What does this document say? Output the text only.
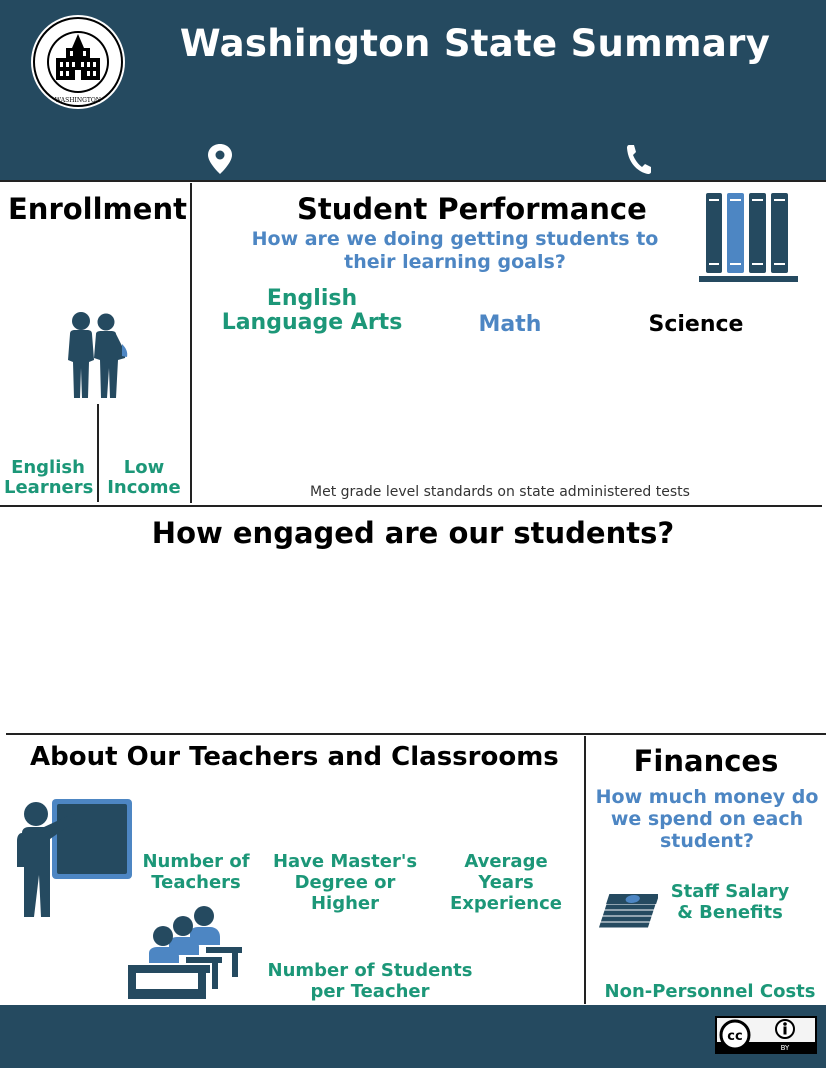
WASHINGTON
Washington State Summary
Enrollment
English Learners
Low Income
Student Performance
How are we doing getting students to their learning goals?
English Language Arts	Math	Science
Met grade level standards on state administered tests
How engaged are our students?
About Our Teachers and Classrooms
Number of Teachers
Have Master's Degree or Higher
Average Years Experience
Number of Students per Teacher
Finances
How much money do we spend on each student?
Staff Salary & Benefits
Non-Personnel Costs
cc
BY
